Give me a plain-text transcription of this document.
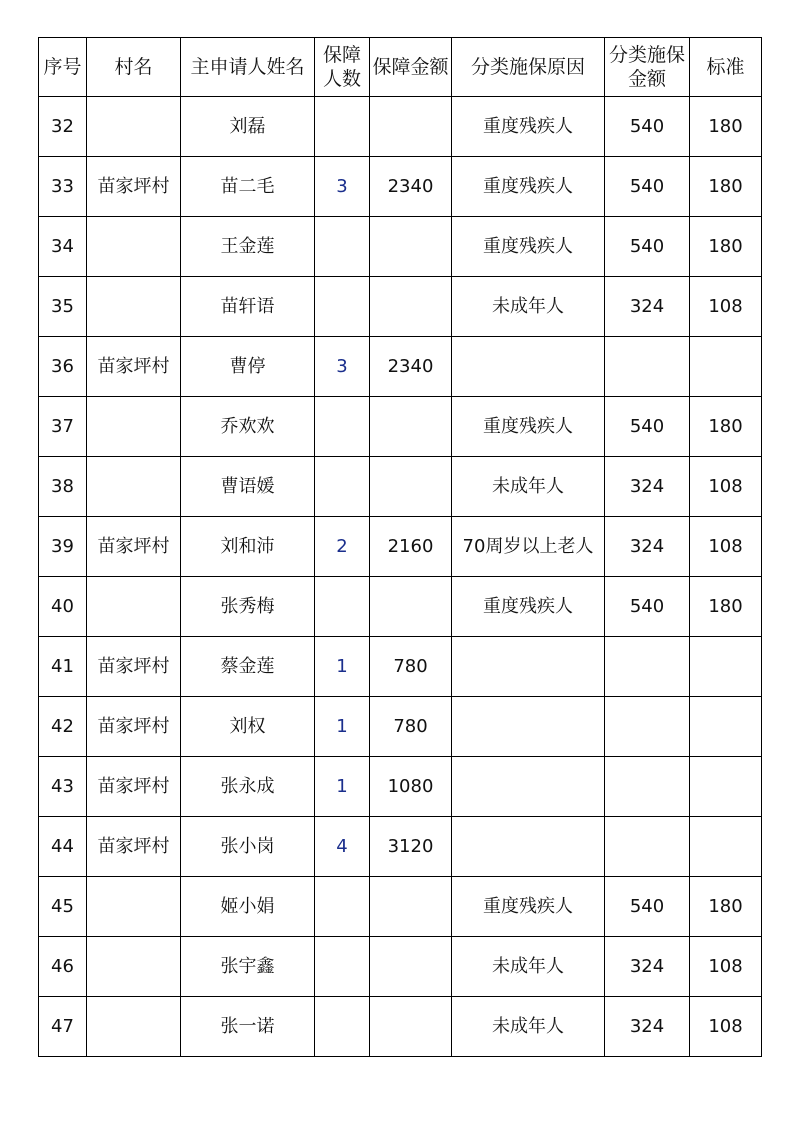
序号	村名	主申请人姓名	保障人数	保障金额	分类施保原因	分类施保金额	标准
32		刘磊			重度残疾人	540	180
33	苗家坪村	苗二毛	3	2340	重度残疾人	540	180
34		王金莲			重度残疾人	540	180
35		苗轩语			未成年人	324	108
36	苗家坪村	曹停	3	2340			
37		乔欢欢			重度残疾人	540	180
38		曹语媛			未成年人	324	108
39	苗家坪村	刘和沛	2	2160	70周岁以上老人	324	108
40		张秀梅			重度残疾人	540	180
41	苗家坪村	蔡金莲	1	780			
42	苗家坪村	刘权	1	780			
43	苗家坪村	张永成	1	1080			
44	苗家坪村	张小岗	4	3120			
45		姬小娟			重度残疾人	540	180
46		张宇鑫			未成年人	324	108
47		张一诺			未成年人	324	108
